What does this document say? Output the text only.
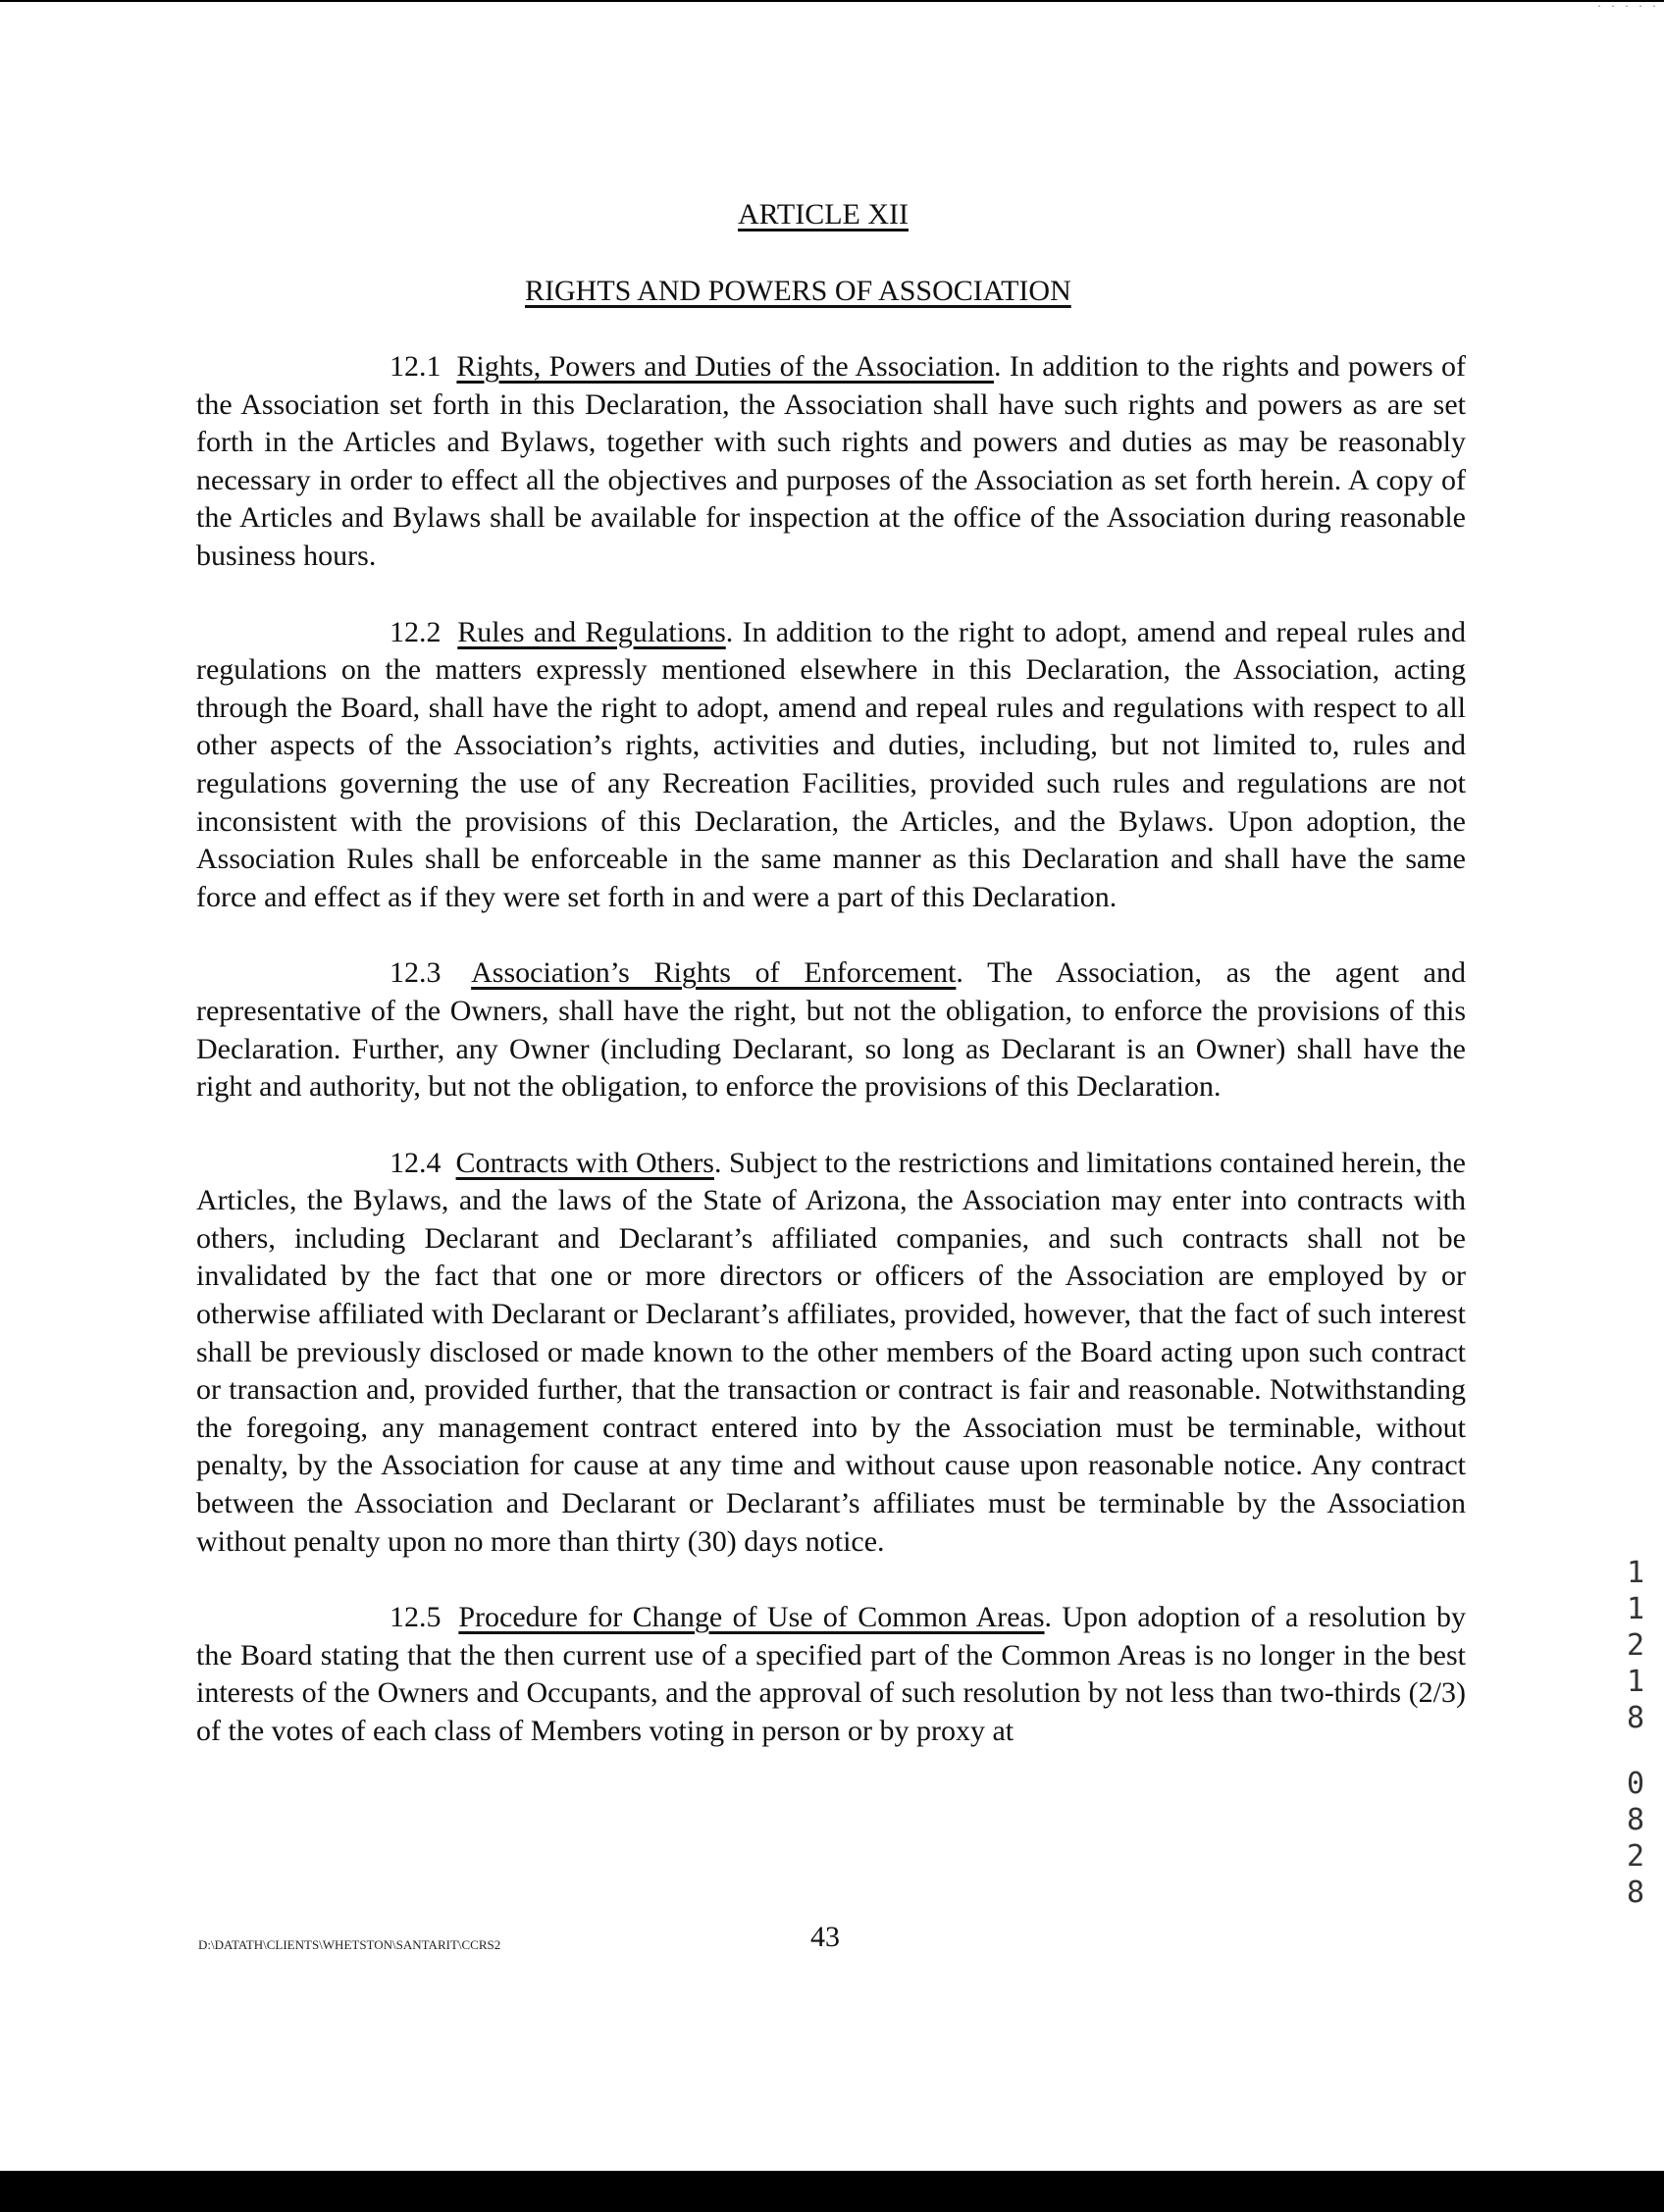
· · · · ·
ARTICLE XII
RIGHTS AND POWERS OF ASSOCIATION

12.1 Rights, Powers and Duties of the Association. In addition to the rights and powers of the Association set forth in this Declaration, the Association shall have such rights and powers as are set forth in the Articles and Bylaws, together with such rights and powers and duties as may be reasonably necessary in order to effect all the objectives and purposes of the Association as set forth herein. A copy of the Articles and Bylaws shall be available for inspection at the office of the Association during reasonable business hours.

12.2 Rules and Regulations. In addition to the right to adopt, amend and repeal rules and regulations on the matters expressly mentioned elsewhere in this Declaration, the Association, acting through the Board, shall have the right to adopt, amend and repeal rules and regulations with respect to all other aspects of the Association’s rights, activities and duties, including, but not limited to, rules and regulations governing the use of any Recreation Facilities, provided such rules and regulations are not inconsistent with the provisions of this Declaration, the Articles, and the Bylaws. Upon adoption, the Association Rules shall be enforceable in the same manner as this Declaration and shall have the same force and effect as if they were set forth in and were a part of this Declaration.

12.3 Association’s Rights of Enforcement. The Association, as the agent and representative of the Owners, shall have the right, but not the obligation, to enforce the provisions of this Declaration. Further, any Owner (including Declarant, so long as Declarant is an Owner) shall have the right and authority, but not the obligation, to enforce the provisions of this Declaration.

12.4 Contracts with Others. Subject to the restrictions and limitations contained herein, the Articles, the Bylaws, and the laws of the State of Arizona, the Association may enter into contracts with others, including Declarant and Declarant’s affiliated companies, and such contracts shall not be invalidated by the fact that one or more directors or officers of the Association are employed by or otherwise affiliated with Declarant or Declarant’s affiliates, provided, however, that the fact of such interest shall be previously disclosed or made known to the other members of the Board acting upon such contract or transaction and, provided further, that the transaction or contract is fair and reasonable. Notwithstanding the foregoing, any management contract entered into by the Association must be terminable, without penalty, by the Association for cause at any time and without cause upon reasonable notice. Any contract between the Association and Declarant or Declarant’s affiliates must be terminable by the Association without penalty upon no more than thirty (30) days notice.

12.5 Procedure for Change of Use of Common Areas. Upon adoption of a resolution by the Board stating that the then current use of a specified part of the Common Areas is no longer in the best interests of the Owners and Occupants, and the approval of such resolution by not less than two-thirds (2/3) of the votes of each class of Members voting in person or by proxy at

D:\DATATH\CLIENTS\WHETSTON\SANTARIT\CCRS2	43
1
1
2
1
8
0
8
2
8
